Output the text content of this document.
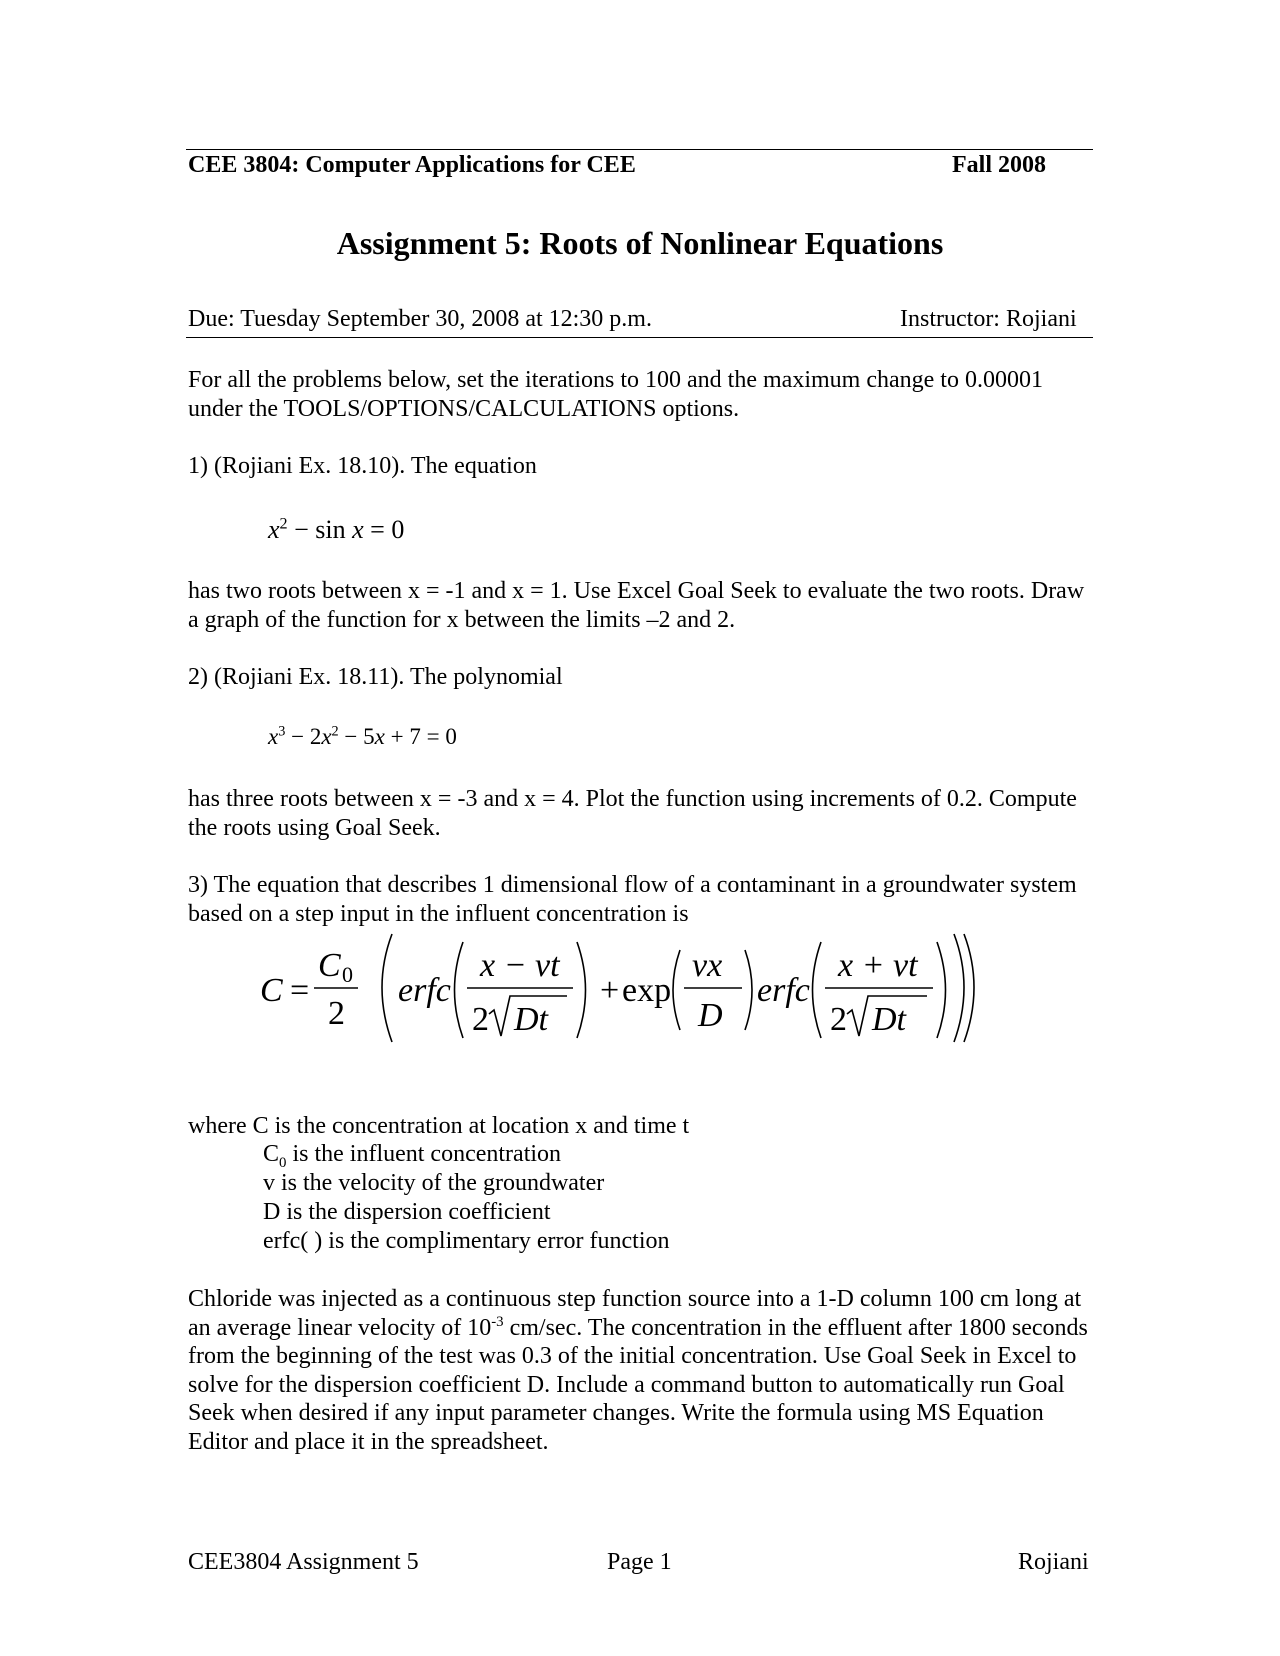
CEE 3804: Computer Applications for CEE	Fall 2008
Assignment 5: Roots of Nonlinear Equations
Due: Tuesday September 30, 2008 at 12:30 p.m.	Instructor: Rojiani
For all the problems below, set the iterations to 100 and the maximum change to 0.00001 under the TOOLS/OPTIONS/CALCULATIONS options.
1) (Rojiani Ex. 18.10). The equation
$x^2 - \sin x = 0$
has two roots between x = -1 and x = 1. Use Excel Goal Seek to evaluate the two roots. Draw a graph of the function for x between the limits –2 and 2.
2) (Rojiani Ex. 18.11). The polynomial
$x^3 - 2x^2 - 5x + 7 = 0$
has three roots between x = -3 and x = 4. Plot the function using increments of 0.2. Compute the roots using Goal Seek.
3) The equation that describes 1 dimensional flow of a contaminant in a groundwater system based on a step input in the influent concentration is
C =
C 0
2
erfc
x − vt
2 Dt
+ exp
vx
D
erfc
x + vt
2 Dt
where C is the concentration at location x and time t
$C_0$ is the influent concentration
v is the velocity of the groundwater
D is the dispersion coefficient
erfc( ) is the complimentary error function
Chloride was injected as a continuous step function source into a 1-D column 100 cm long at an average linear velocity of $10^{-3}$ cm/sec. The concentration in the effluent after 1800 seconds from the beginning of the test was 0.3 of the initial concentration. Use Goal Seek in Excel to solve for the dispersion coefficient D. Include a command button to automatically run Goal Seek when desired if any input parameter changes. Write the formula using MS Equation Editor and place it in the spreadsheet.
CEE3804 Assignment 5	Page 1	Rojiani
